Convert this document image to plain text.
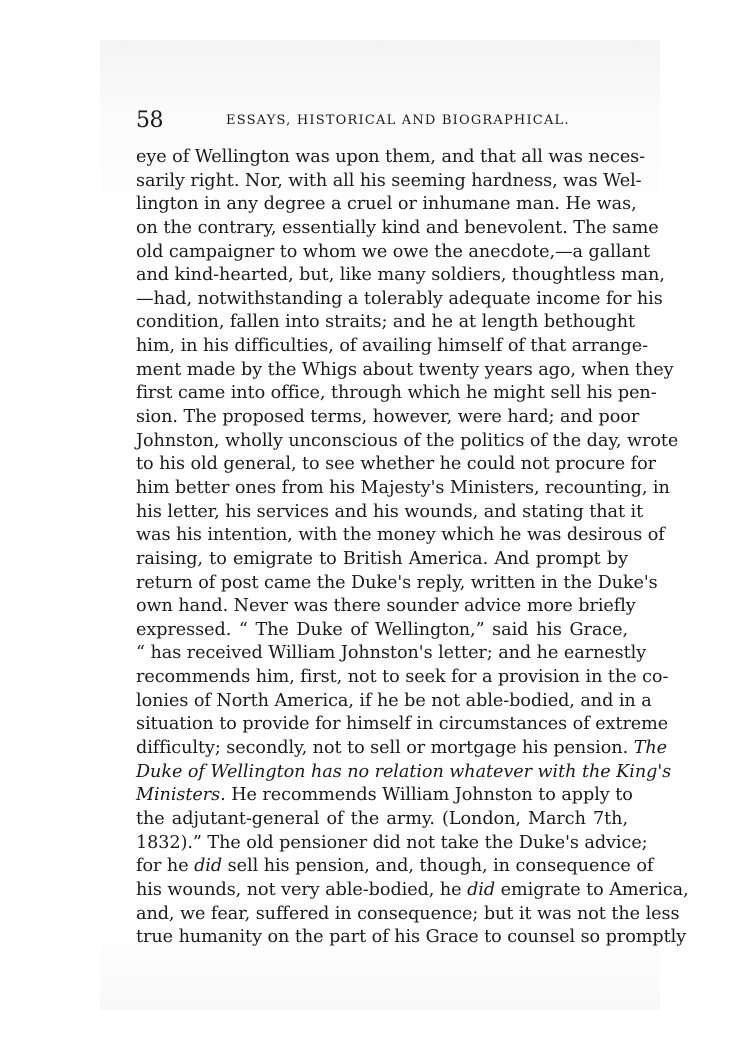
58	ESSAYS, HISTORICAL AND BIOGRAPHICAL.
eye of Wellington was upon them, and that all was neces-
sarily right. Nor, with all his seeming hardness, was Wel-
lington in any degree a cruel or inhumane man. He was,
on the contrary, essentially kind and benevolent. The same
old campaigner to whom we owe the anecdote,—a gallant
and kind-hearted, but, like many soldiers, thoughtless man,
—had, notwithstanding a tolerably adequate income for his
condition, fallen into straits; and he at length bethought
him, in his difficulties, of availing himself of that arrange-
ment made by the Whigs about twenty years ago, when they
first came into office, through which he might sell his pen-
sion. The proposed terms, however, were hard; and poor
Johnston, wholly unconscious of the politics of the day, wrote
to his old general, to see whether he could not procure for
him better ones from his Majesty's Ministers, recounting, in
his letter, his services and his wounds, and stating that it
was his intention, with the money which he was desirous of
raising, to emigrate to British America. And prompt by
return of post came the Duke's reply, written in the Duke's
own hand. Never was there sounder advice more briefly
expressed. “ The Duke of Wellington,” said his Grace,
“ has received William Johnston's letter; and he earnestly
recommends him, first, not to seek for a provision in the co-
lonies of North America, if he be not able-bodied, and in a
situation to provide for himself in circumstances of extreme
difficulty; secondly, not to sell or mortgage his pension. The
Duke of Wellington has no relation whatever with the King's
Ministers. He recommends William Johnston to apply to
the adjutant-general of the army. (London, March 7th,
1832).” The old pensioner did not take the Duke's advice;
for he did sell his pension, and, though, in consequence of
his wounds, not very able-bodied, he did emigrate to America,
and, we fear, suffered in consequence; but it was not the less
true humanity on the part of his Grace to counsel so promptly
